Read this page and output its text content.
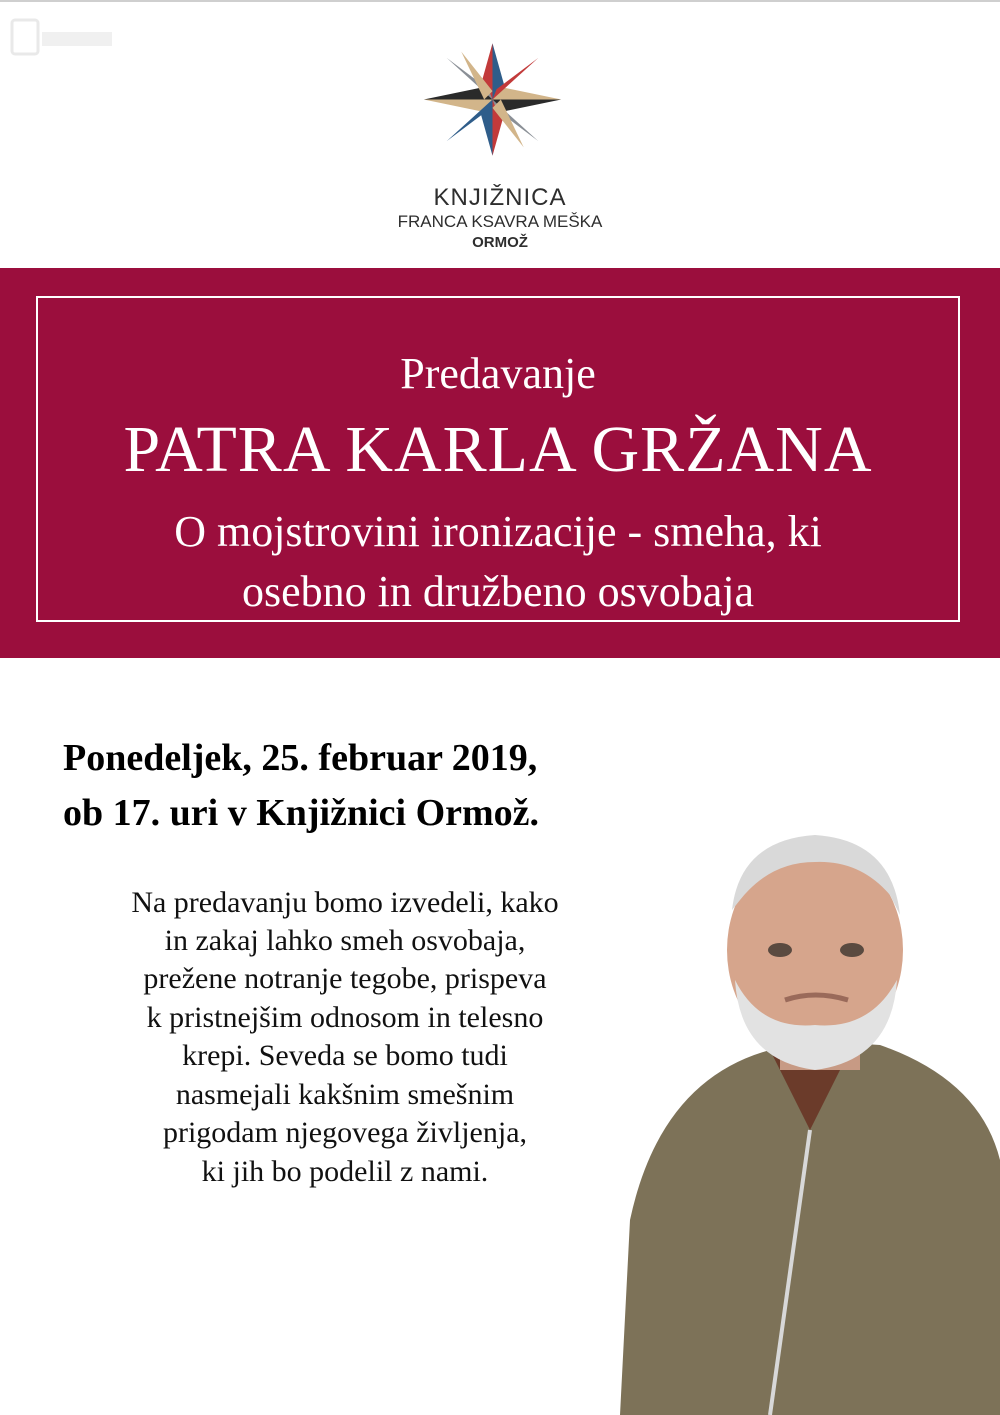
KNJIŽNICA
FRANCA KSAVRA MEŠKA
ORMOŽ
Predavanje
PATRA KARLA GRŽANA
O mojstrovini ironizacije - smeha, ki
osebno in družbeno osvobaja
Ponedeljek, 25. februar 2019,
ob 17. uri v Knjižnici Ormož.
Na predavanju bomo izvedeli, kako
in zakaj lahko smeh osvobaja,
prežene notranje tegobe, prispeva
k pristnejšim odnosom in telesno
krepi. Seveda se bomo tudi
nasmejali kakšnim smešnim
prigodam njegovega življenja,
ki jih bo podelil z nami.
